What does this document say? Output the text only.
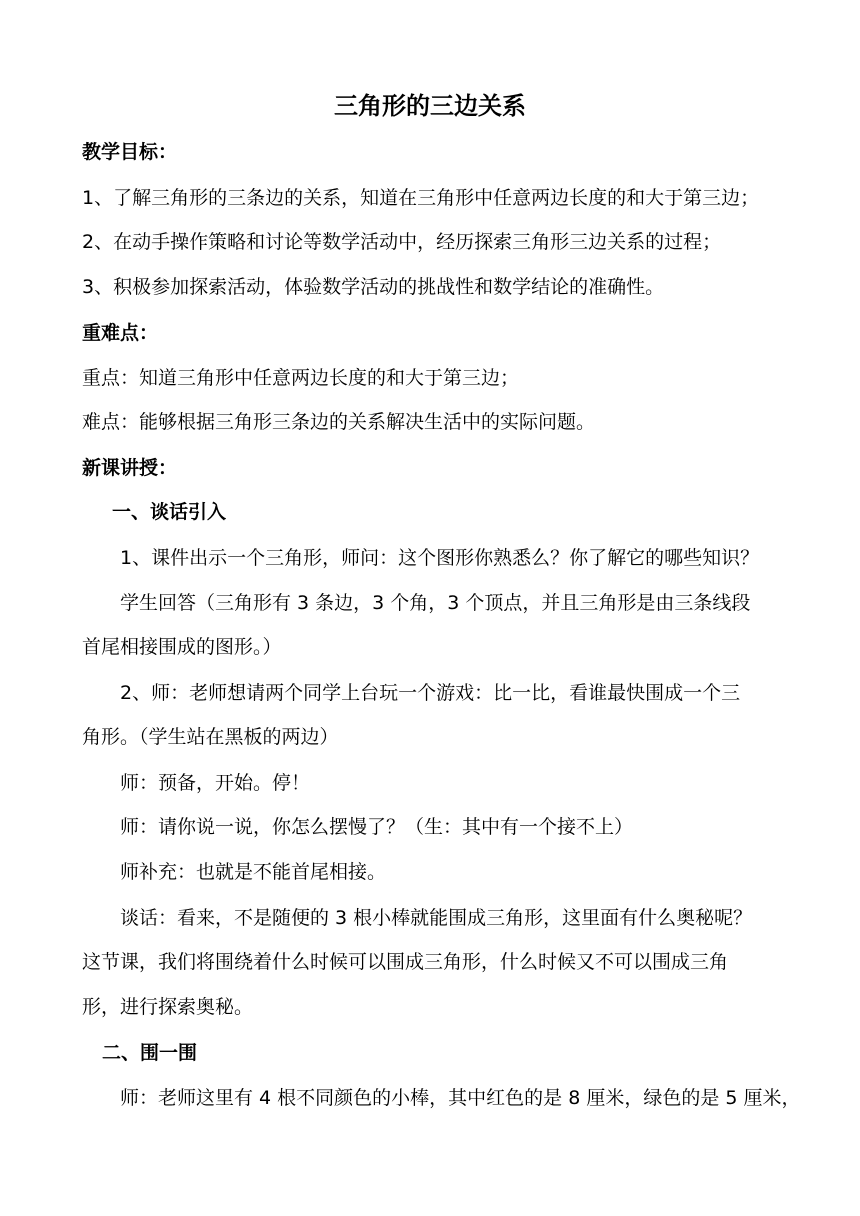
三角形的三边关系
教学目标：
1、了解三角形的三条边的关系，知道在三角形中任意两边长度的和大于第三边；
2、在动手操作策略和讨论等数学活动中，经历探索三角形三边关系的过程；
3、积极参加探索活动，体验数学活动的挑战性和数学结论的准确性。
重难点：
重点：知道三角形中任意两边长度的和大于第三边；
难点：能够根据三角形三条边的关系解决生活中的实际问题。
新课讲授：
一、谈话引入
1、课件出示一个三角形，师问：这个图形你熟悉么？你了解它的哪些知识？
学生回答（三角形有 3 条边，3 个角，3 个顶点，并且三角形是由三条线段
首尾相接围成的图形。）
2、师：老师想请两个同学上台玩一个游戏：比一比，看谁最快围成一个三
角形。（学生站在黑板的两边）
师：预备，开始。停！
师：请你说一说，你怎么摆慢了？（生：其中有一个接不上）
师补充：也就是不能首尾相接。
谈话：看来，不是随便的 3 根小棒就能围成三角形，这里面有什么奥秘呢？
这节课，我们将围绕着什么时候可以围成三角形，什么时候又不可以围成三角
形，进行探索奥秘。
二、围一围
师：老师这里有 4 根不同颜色的小棒，其中红色的是 8 厘米，绿色的是 5 厘米，
